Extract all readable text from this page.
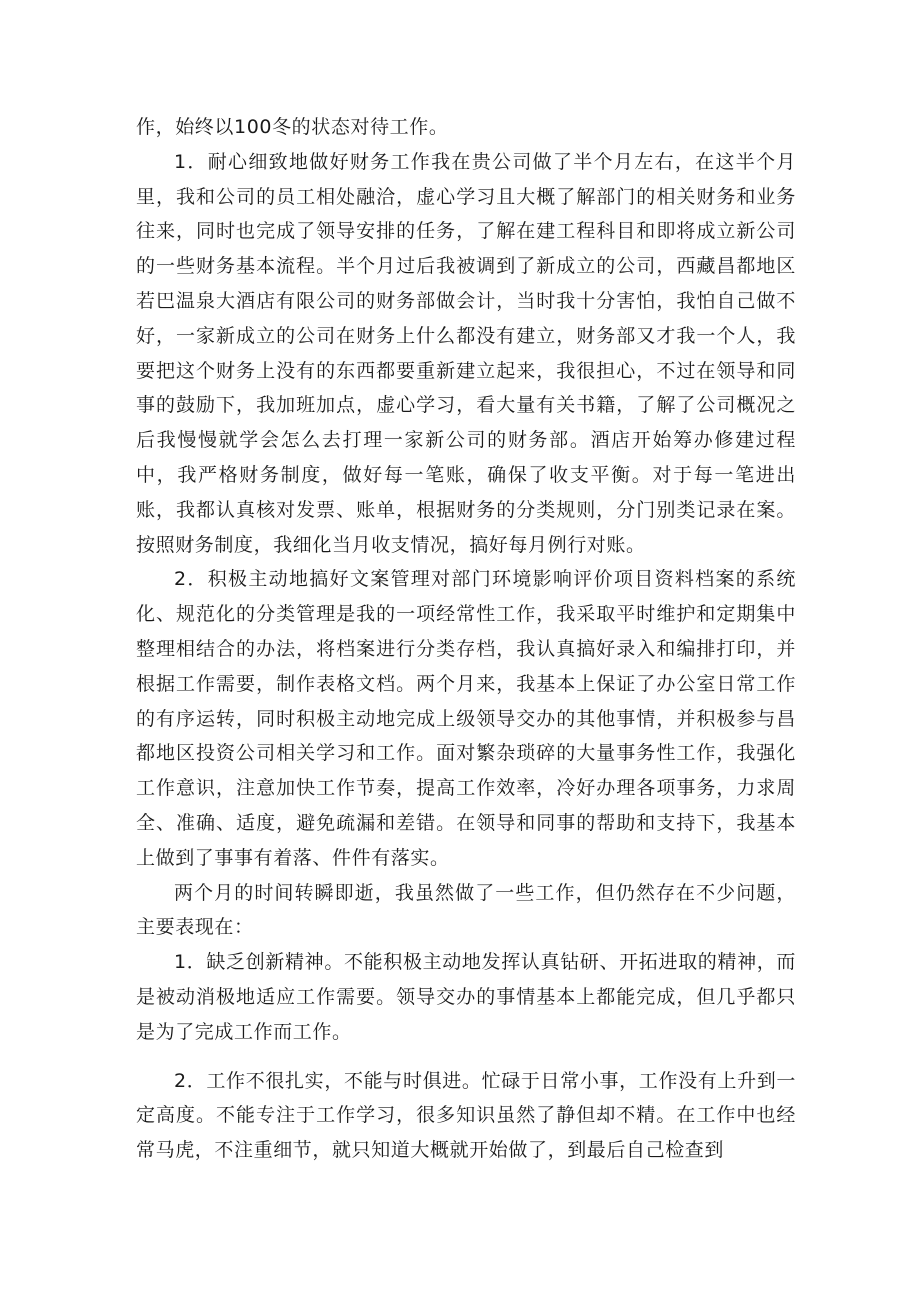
作，始终以100冬的状态对待工作。

1．耐心细致地做好财务工作我在贵公司做了半个月左右，在这半个月里，我和公司的员工相处融洽，虚心学习且大概了解部门的相关财务和业务往来，同时也完成了领导安排的任务，了解在建工程科目和即将成立新公司的一些财务基本流程。半个月过后我被调到了新成立的公司，西藏昌都地区若巴温泉大酒店有限公司的财务部做会计，当时我十分害怕，我怕自己做不好，一家新成立的公司在财务上什么都没有建立，财务部又才我一个人，我要把这个财务上没有的东西都要重新建立起来，我很担心，不过在领导和同事的鼓励下，我加班加点，虚心学习，看大量有关书籍，了解了公司概况之后我慢慢就学会怎么去打理一家新公司的财务部。酒店开始筹办修建过程中，我严格财务制度，做好每一笔账，确保了收支平衡。对于每一笔进出账，我都认真核对发票、账单，根据财务的分类规则，分门别类记录在案。按照财务制度，我细化当月收支情况，搞好每月例行对账。

2．积极主动地搞好文案管理对部门环境影响评价项目资料档案的系统化、规范化的分类管理是我的一项经常性工作，我采取平时维护和定期集中整理相结合的办法，将档案进行分类存档，我认真搞好录入和编排打印，并根据工作需要，制作表格文档。两个月来，我基本上保证了办公室日常工作的有序运转，同时积极主动地完成上级领导交办的其他事情，并积极参与昌都地区投资公司相关学习和工作。面对繁杂琐碎的大量事务性工作，我强化工作意识，注意加快工作节奏，提高工作效率，冷好办理各项事务，力求周全、准确、适度，避免疏漏和差错。在领导和同事的帮助和支持下，我基本上做到了事事有着落、件件有落实。

两个月的时间转瞬即逝，我虽然做了一些工作，但仍然存在不少问题，主要表现在：

1．缺乏创新精神。不能积极主动地发挥认真钻研、开拓进取的精神，而是被动消极地适应工作需要。领导交办的事情基本上都能完成，但几乎都只是为了完成工作而工作。

2．工作不很扎实，不能与时俱进。忙碌于日常小事，工作没有上升到一定高度。不能专注于工作学习，很多知识虽然了静但却不精。在工作中也经常马虎，不注重细节，就只知道大概就开始做了，到最后自己检查到
